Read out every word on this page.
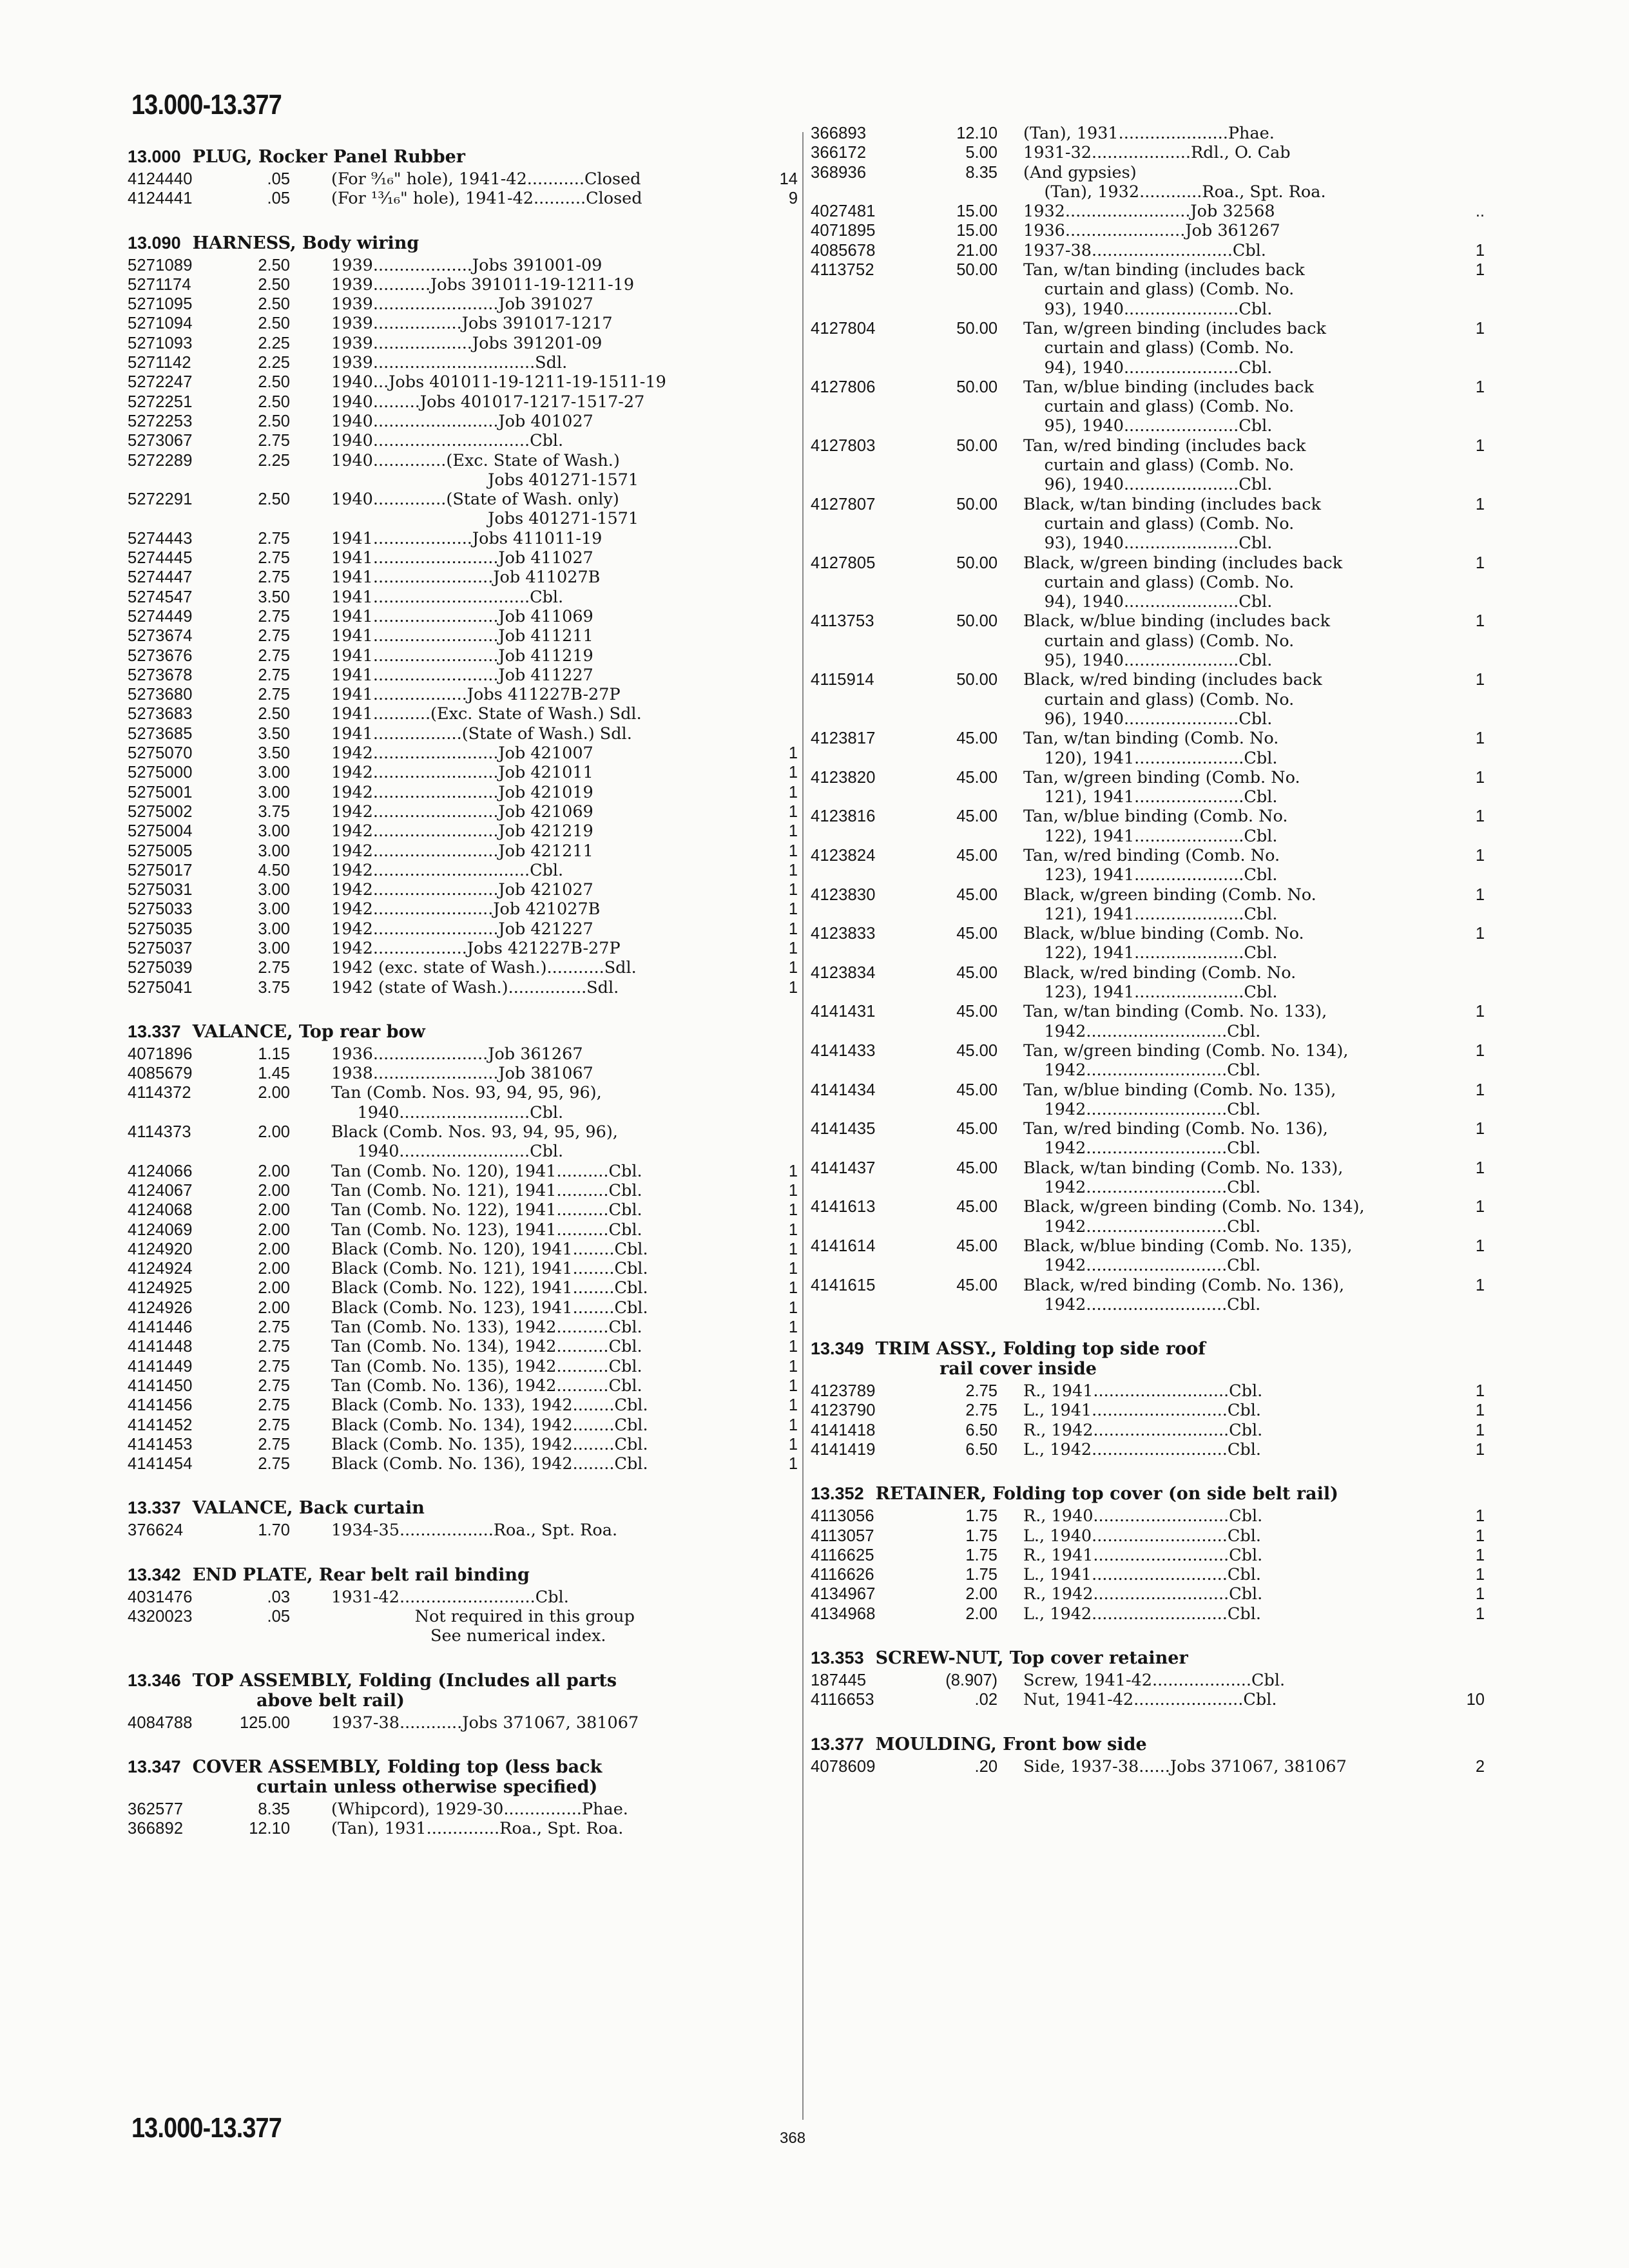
13.000-13.377
13.000 PLUG, Rocker Panel Rubber
4124440	.05	(For ⁹⁄₁₆" hole), 1941-42...........Closed	14
4124441	.05	(For ¹³⁄₁₆" hole), 1941-42..........Closed	9
13.090 HARNESS, Body wiring
5271089	2.50	1939...................Jobs 391001-09
5271174	2.50	1939...........Jobs 391011-19-1211-19
5271095	2.50	1939........................Job 391027
5271094	2.50	1939.................Jobs 391017-1217
5271093	2.25	1939...................Jobs 391201-09
5271142	2.25	1939...............................Sdl.
5272247	2.50	1940...Jobs 401011-19-1211-19-1511-19
5272251	2.50	1940.........Jobs 401017-1217-1517-27
5272253	2.50	1940........................Job 401027
5273067	2.75	1940..............................Cbl.
5272289	2.25	1940..............(Exc. State of Wash.)
Jobs 401271-1571
5272291	2.50	1940..............(State of Wash. only)
Jobs 401271-1571
5274443	2.75	1941...................Jobs 411011-19
5274445	2.75	1941........................Job 411027
5274447	2.75	1941.......................Job 411027B
5274547	3.50	1941..............................Cbl.
5274449	2.75	1941........................Job 411069
5273674	2.75	1941........................Job 411211
5273676	2.75	1941........................Job 411219
5273678	2.75	1941........................Job 411227
5273680	2.75	1941..................Jobs 411227B-27P
5273683	2.50	1941...........(Exc. State of Wash.) Sdl.
5273685	3.50	1941.................(State of Wash.) Sdl.
5275070	3.50	1942........................Job 421007	1
5275000	3.00	1942........................Job 421011	1
5275001	3.00	1942........................Job 421019	1
5275002	3.75	1942........................Job 421069	1
5275004	3.00	1942........................Job 421219	1
5275005	3.00	1942........................Job 421211	1
5275017	4.50	1942..............................Cbl.	1
5275031	3.00	1942........................Job 421027	1
5275033	3.00	1942.......................Job 421027B	1
5275035	3.00	1942........................Job 421227	1
5275037	3.00	1942..................Jobs 421227B-27P	1
5275039	2.75	1942 (exc. state of Wash.)...........Sdl.	1
5275041	3.75	1942 (state of Wash.)...............Sdl.	1
13.337 VALANCE, Top rear bow
4071896	1.15	1936......................Job 361267
4085679	1.45	1938........................Job 381067
4114372	2.00	Tan (Comb. Nos. 93, 94, 95, 96),
1940.........................Cbl.
4114373	2.00	Black (Comb. Nos. 93, 94, 95, 96),
1940.........................Cbl.
4124066	2.00	Tan (Comb. No. 120), 1941..........Cbl.	1
4124067	2.00	Tan (Comb. No. 121), 1941..........Cbl.	1
4124068	2.00	Tan (Comb. No. 122), 1941..........Cbl.	1
4124069	2.00	Tan (Comb. No. 123), 1941..........Cbl.	1
4124920	2.00	Black (Comb. No. 120), 1941........Cbl.	1
4124924	2.00	Black (Comb. No. 121), 1941........Cbl.	1
4124925	2.00	Black (Comb. No. 122), 1941........Cbl.	1
4124926	2.00	Black (Comb. No. 123), 1941........Cbl.	1
4141446	2.75	Tan (Comb. No. 133), 1942..........Cbl.	1
4141448	2.75	Tan (Comb. No. 134), 1942..........Cbl.	1
4141449	2.75	Tan (Comb. No. 135), 1942..........Cbl.	1
4141450	2.75	Tan (Comb. No. 136), 1942..........Cbl.	1
4141456	2.75	Black (Comb. No. 133), 1942........Cbl.	1
4141452	2.75	Black (Comb. No. 134), 1942........Cbl.	1
4141453	2.75	Black (Comb. No. 135), 1942........Cbl.	1
4141454	2.75	Black (Comb. No. 136), 1942........Cbl.	1
13.337 VALANCE, Back curtain
376624	1.70	1934-35..................Roa., Spt. Roa.
13.342 END PLATE, Rear belt rail binding
4031476	.03	1931-42..........................Cbl.
4320023	.05	Not required in this group
See numerical index.
13.346 TOP ASSEMBLY, Folding (Includes all parts
above belt rail)
4084788	125.00	1937-38............Jobs 371067, 381067
13.347 COVER ASSEMBLY, Folding top (less back
curtain unless otherwise specified)
362577	8.35	(Whipcord), 1929-30...............Phae.
366892	12.10	(Tan), 1931..............Roa., Spt. Roa.
366893	12.10 (Tan), 1931.....................Phae.
366172	5.00 1931-32...................Rdl., O. Cab
368936	8.35 (And gypsies)
(Tan), 1932............Roa., Spt. Roa.
4027481	15.00 1932........................Job 32568	..
4071895	15.00 1936.......................Job 361267
4085678	21.00 1937-38...........................Cbl.	1
4113752	50.00 Tan, w/tan binding (includes back
curtain and glass) (Comb. No.
93), 1940......................Cbl.
1
4127804	50.00 Tan, w/green binding (includes back
curtain and glass) (Comb. No.
94), 1940......................Cbl.
1
4127806	50.00 Tan, w/blue binding (includes back
curtain and glass) (Comb. No.
95), 1940......................Cbl.
1
4127803	50.00 Tan, w/red binding (includes back
curtain and glass) (Comb. No.
96), 1940......................Cbl.
1
4127807	50.00 Black, w/tan binding (includes back
curtain and glass) (Comb. No.
93), 1940......................Cbl.
1
4127805	50.00 Black, w/green binding (includes back
curtain and glass) (Comb. No.
94), 1940......................Cbl.
1
4113753	50.00 Black, w/blue binding (includes back
curtain and glass) (Comb. No.
95), 1940......................Cbl.
1
4115914	50.00 Black, w/red binding (includes back
curtain and glass) (Comb. No.
96), 1940......................Cbl.
1
4123817	45.00 Tan, w/tan binding (Comb. No.
120), 1941.....................Cbl.
1
4123820	45.00 Tan, w/green binding (Comb. No.
121), 1941.....................Cbl.
1
4123816	45.00 Tan, w/blue binding (Comb. No.
122), 1941.....................Cbl.
1
4123824	45.00 Tan, w/red binding (Comb. No.
123), 1941.....................Cbl.
1
4123830	45.00 Black, w/green binding (Comb. No.
121), 1941.....................Cbl.
1
4123833	45.00 Black, w/blue binding (Comb. No.
122), 1941.....................Cbl.
1
4123834	45.00 Black, w/red binding (Comb. No.
123), 1941.....................Cbl.
4141431	45.00 Tan, w/tan binding (Comb. No. 133),
1942...........................Cbl.
1
4141433	45.00 Tan, w/green binding (Comb. No. 134),
1942...........................Cbl.
1
4141434	45.00 Tan, w/blue binding (Comb. No. 135),
1942...........................Cbl.
1
4141435	45.00 Tan, w/red binding (Comb. No. 136),
1942...........................Cbl.
1
4141437	45.00 Black, w/tan binding (Comb. No. 133),
1942...........................Cbl.
1
4141613	45.00 Black, w/green binding (Comb. No. 134),
1942...........................Cbl.
1
4141614	45.00 Black, w/blue binding (Comb. No. 135),
1942...........................Cbl.
1
4141615	45.00 Black, w/red binding (Comb. No. 136),
1942...........................Cbl.
1
13.349 TRIM ASSY., Folding top side roof
rail cover inside
4123789	2.75 R., 1941..........................Cbl.	1
4123790	2.75 L., 1941..........................Cbl.	1
4141418	6.50 R., 1942..........................Cbl.	1
4141419	6.50 L., 1942..........................Cbl.	1
13.352 RETAINER, Folding top cover (on side belt rail)
4113056	1.75 R., 1940..........................Cbl.	1
4113057	1.75 L., 1940..........................Cbl.	1
4116625	1.75 R., 1941..........................Cbl.	1
4116626	1.75 L., 1941..........................Cbl.	1
4134967	2.00 R., 1942..........................Cbl.	1
4134968	2.00 L., 1942..........................Cbl.	1
13.353 SCREW-NUT, Top cover retainer
187445	(8.907) Screw, 1941-42...................Cbl.
4116653	.02 Nut, 1941-42.....................Cbl.	10
13.377 MOULDING, Front bow side
4078609	.20 Side, 1937-38......Jobs 371067, 381067	2
13.000-13.377	368
